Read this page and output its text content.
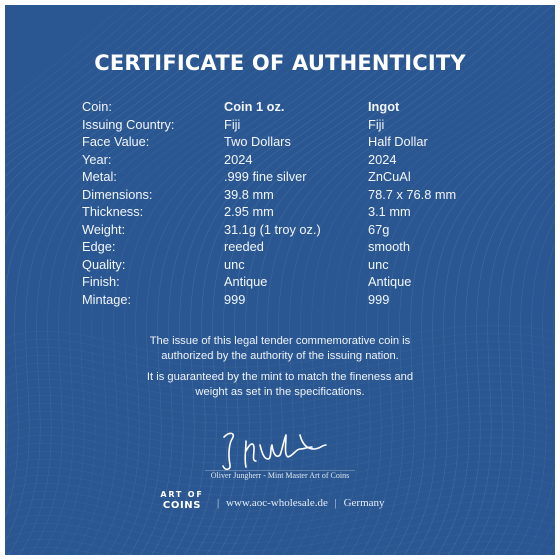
CERTIFICATE OF AUTHENTICITY
Coin:	Coin 1 oz.	Ingot
Issuing Country:	Fiji	Fiji
Face Value:	Two Dollars	Half Dollar
Year:	2024	2024
Metal:	.999 fine silver	ZnCuAl
Dimensions:	39.8 mm	78.7 x 76.8 mm
Thickness:	2.95 mm	3.1 mm
Weight:	31.1g (1 troy oz.)	67g
Edge:	reeded	smooth
Quality:	unc	unc
Finish:	Antique	Antique
Mintage:	999	999
The issue of this legal tender commemorative coin is
authorized by the authority of the issuing nation.
It is guaranteed by the mint to match the fineness and
weight as set in the specifications.
Oliver Jungherr - Mint Master Art of Coins
ART OF
COINS	| www.aoc-wholesale.de | Germany
